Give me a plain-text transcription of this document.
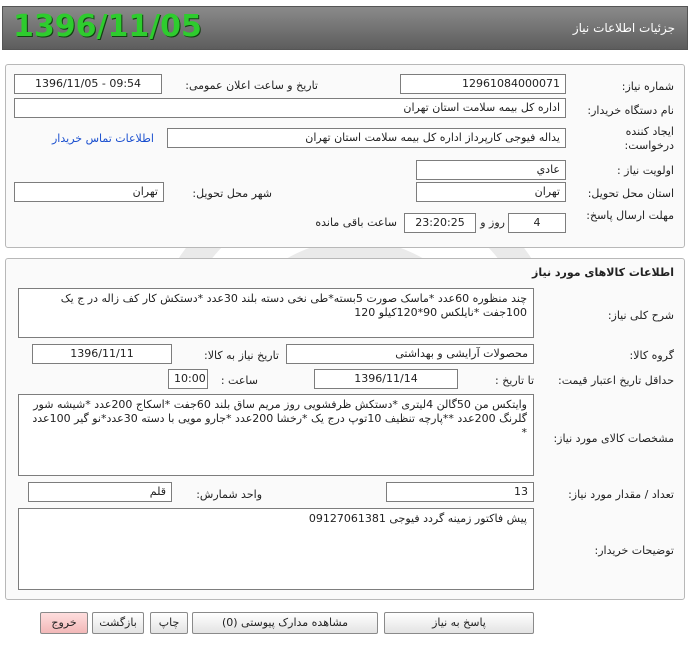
جزئیات اطلاعات نیاز
1396/11/05
شماره نیاز:
12961084000071
تاریخ و ساعت اعلان عمومی:
1396/11/05 - 09:54
نام دستگاه خریدار:
اداره کل بیمه سلامت استان تهران
ایجاد کننده درخواست:
یداله فیوجی کارپرداز اداره کل بیمه سلامت استان تهران
اطلاعات تماس خریدار
اولویت نیاز :
عادي
استان محل تحویل:
تهران
شهر محل تحویل:
تهران
مهلت ارسال پاسخ:
4
روز و
23:20:25
ساعت باقی مانده
اطلاعات کالاهای مورد نیاز
شرح کلی نیاز:
چند منظوره 60عدد *ماسک صورت 5بسته*طی نخی دسته بلند 30عدد *دستکش کار کف زاله در ج یک 100جفت *نایلکس 90*120کیلو 120
گروه کالا:
محصولات آرایشی و بهداشتی
تاریخ نیاز به کالا:
1396/11/11
حداقل تاریخ اعتبار قیمت:
تا تاریخ :
1396/11/14
ساعت :
10:00
مشخصات کالای مورد نیاز:
وایتکس من 50گالن 4لیتری *دستکش ظرفشویی روز مریم ساق بلند 60جفت *اسکاج 200عدد *شیشه شور گلرنگ 200عدد **پارچه تنظیف 10توپ درج یک *رخشا 200عدد *جارو مویی با دسته 30عدد*نو گیر 100عدد *
تعداد / مقدار مورد نیاز:
13
واحد شمارش:
قلم
توضیحات خریدار:
پیش فاکتور زمینه گردد فیوجی 09127061381
پاسخ به نیاز
مشاهده مدارک پیوستی (0)
چاپ
بازگشت
خروج
